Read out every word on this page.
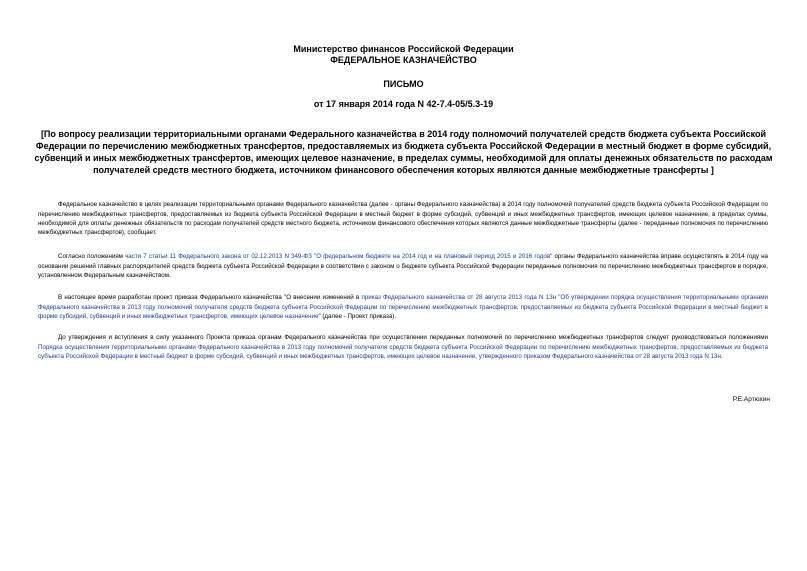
Министерство финансов Российской Федерации
ФЕДЕРАЛЬНОЕ КАЗНАЧЕЙСТВО
ПИСЬМО
от 17 января 2014 года N 42-7.4-05/5.3-19
[По вопросу реализации территориальными органами Федерального казначейства в 2014 году полномочий получателей средств бюджета субъекта Российской Федерации по перечислению межбюджетных трансфертов, предоставляемых из бюджета субъекта Российской Федерации в местный бюджет в форме субсидий, субвенций и иных межбюджетных трансфертов, имеющих целевое назначение, в пределах суммы, необходимой для оплаты денежных обязательств по расходам получателей средств местного бюджета, источником финансового обеспечения которых являются данные межбюджетные трансферты ]

Федеральное казначейство в целях реализации территориальными органами Федерального казначейства (далее - органы Федерального казначейства) в 2014 году полномочий получателей средств бюджета субъекта Российской Федерации по перечислению межбюджетных трансфертов, предоставляемых из бюджета субъекта Российской Федерации в местный бюджет в форме субсидий, субвенций и иных межбюджетных трансфертов, имеющих целевое назначение, в пределах суммы, необходимой для оплаты денежных обязательств по расходам получателей средств местного бюджета, источником финансового обеспечения которых являются данные межбюджетные трансферты (далее - переданные полномочия по перечислению межбюджетных трансфертов), сообщает.

Согласно положениям части 7 статьи 11 Федерального закона от 02.12.2013 N 349-ФЗ "О федеральном бюджете на 2014 год и на плановый период 2015 и 2016 годов" органы Федерального казначейства вправе осуществлять в 2014 году на основании решений главных распорядителей средств бюджета субъекта Российской Федерации в соответствии с законом о бюджете субъекта Российской Федерации переданные полномочия по перечислению межбюджетных трансфертов в порядке, установленном Федеральным казначейством.

В настоящее время разработан проект приказа Федерального казначейства "О внесении изменений в приказ Федерального казначейства от 28 августа 2013 года N 13н "Об утверждении порядка осуществления территориальными органами Федерального казначейства в 2013 году полномочий получателя средств бюджета субъекта Российской Федерации по перечислению межбюджетных трансфертов, предоставляемых из бюджета субъекта Российской Федерации в местный бюджет в форме субсидий, субвенций и иных межбюджетных трансфертов, имеющих целевое назначение" (далее - Проект приказа).

До утверждения и вступления в силу указанного Проекта приказа органам Федерального казначейства при осуществлении переданных полномочий по перечислению межбюджетных трансфертов следует руководствоваться положениями Порядка осуществления территориальными органами Федерального казначейства в 2013 году полномочий получателя средств бюджета субъекта Российской Федерации по перечислению межбюджетных трансфертов, предоставляемых из бюджета субъекта Российской Федерации в местный бюджет в форме субсидий, субвенций и иных межбюджетных трансфертов, имеющих целевое назначение, утвержденного приказом Федерального казначейства от 28 августа 2013 года N 13н.

Р.Е.Артюхин
